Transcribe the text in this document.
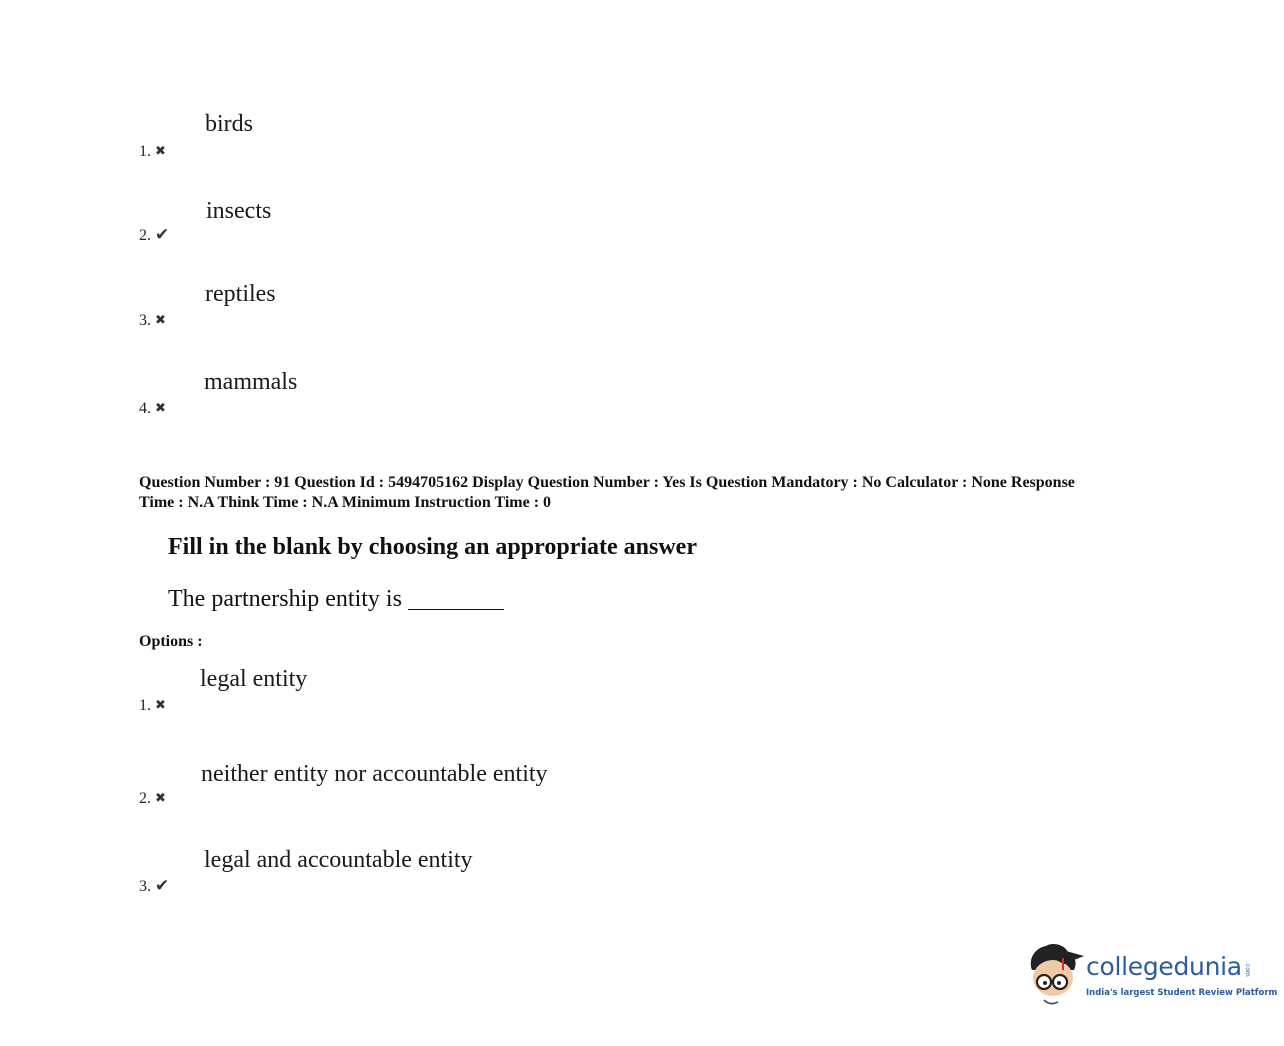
birds
1. ✖
insects
2. ✔
reptiles
3. ✖
mammals
4. ✖
Question Number : 91 Question Id : 5494705162 Display Question Number : Yes Is Question Mandatory : No Calculator : None Response
Time : N.A Think Time : N.A Minimum Instruction Time : 0
Fill in the blank by choosing an appropriate answer
The partnership entity is
Options :
legal entity
1. ✖
neither entity nor accountable entity
2. ✖
legal and accountable entity
3. ✔
collegedunia .com
India's largest Student Review Platform
